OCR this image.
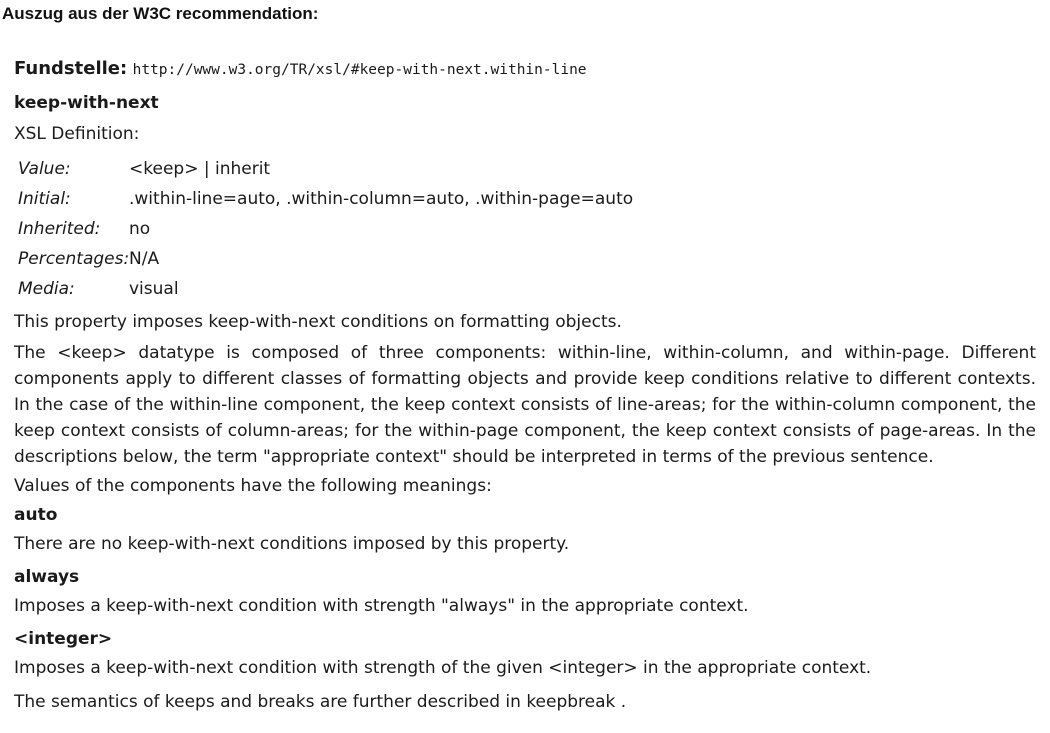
Auszug aus der W3C recommendation:
Fundstelle: http://www.w3.org/TR/xsl/#keep-with-next.within-line
keep-with-next
XSL Definition:
Value:	<keep> | inherit
Initial:	.within-line=auto, .within-column=auto, .within-page=auto
Inherited: no
Percentages:N/A
Media:	visual
This property imposes keep-with-next conditions on formatting objects.
The <keep> datatype is composed of three components: within-line, within-column, and within-page. Different components apply to different classes of formatting objects and provide keep conditions relative to different contexts. In the case of the within-line component, the keep context consists of line-areas; for the within-column component, the keep context consists of column-areas; for the within-page component, the keep context consists of page-areas. In the descriptions below, the term "appropriate context" should be interpreted in terms of the previous sentence.
Values of the components have the following meanings:
auto
There are no keep-with-next conditions imposed by this property.
always
Imposes a keep-with-next condition with strength "always" in the appropriate context.
<integer>
Imposes a keep-with-next condition with strength of the given <integer> in the appropriate context.
The semantics of keeps and breaks are further described in keepbreak .
